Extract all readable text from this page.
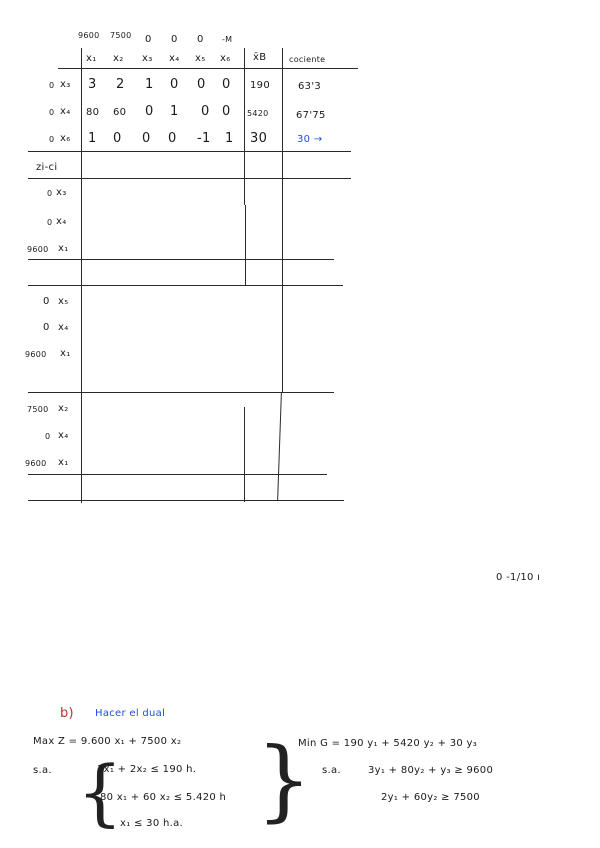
9600 7500 0 0 0 -M
x₁ x₂ x₃ x₄ x₅ x₆ x̄B	cociente
0 x₃ 3 2 1 0 0 0 190	63'3
0 x₄ 80 60 0 1 0 0 5420	67'75
0 x₆ 1 0 0 0 -1 1 30	30 →
zi-ci
0 x₃
0 x₄
9600 x₁
0 x₅
0 x₄
9600 x₁
7500 x₂
0 x₄
9600 x₁
0 -1/10 ı
b) Hacer el dual
Max Z = 9.600 x₁ + 7500 x₂
s.a. {
3x₁ + 2x₂ ≤ 190 h.
80 x₁ + 60 x₂ ≤ 5.420 h
x₁ ≤ 30 h.a. }
Min G = 190 y₁ + 5420 y₂ + 30 y₃
s.a.	3y₁ + 80y₂ + y₃ ≥ 9600
2y₁ + 60y₂ ≥ 7500
